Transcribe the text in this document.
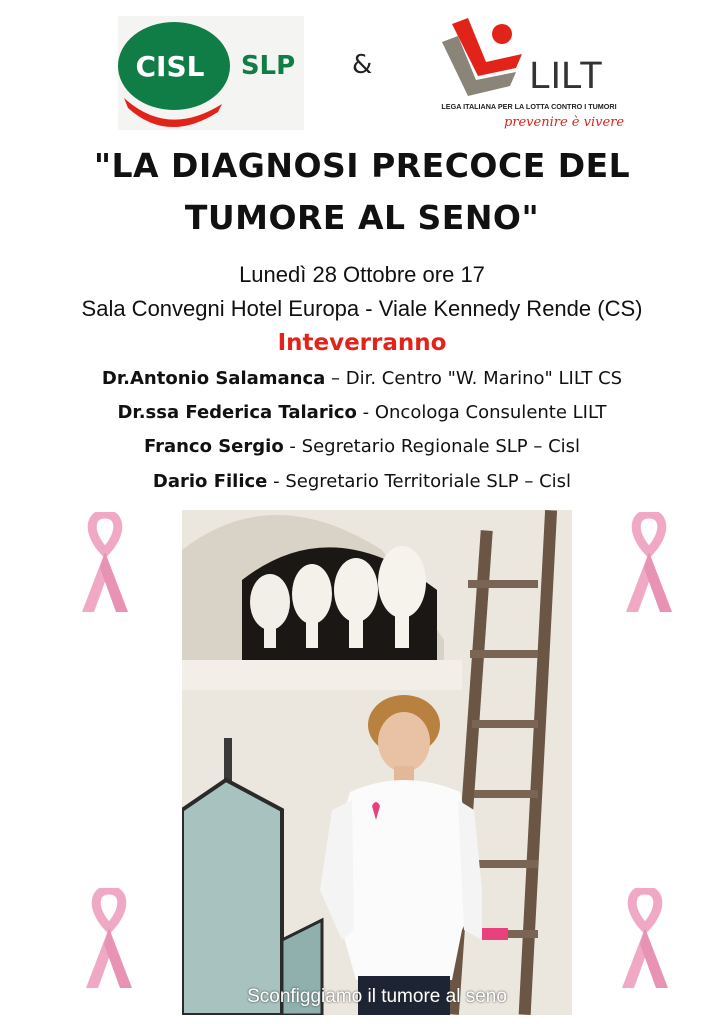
CISL SLP &	LILT
LEGA ITALIANA PER LA LOTTA CONTRO I TUMORI
prevenire è vivere
"LA DIAGNOSI PRECOCE DEL
TUMORE AL SENO"
Lunedì 28 Ottobre ore 17
Sala Convegni Hotel Europa - Viale Kennedy Rende (CS)
Inteverranno
Dr.Antonio Salamanca – Dir. Centro "W. Marino" LILT CS
Dr.ssa Federica Talarico - Oncologa Consulente LILT
Franco Sergio - Segretario Regionale SLP – Cisl
Dario Filice - Segretario Territoriale SLP – Cisl
Sconfiggiamo il tumore al seno
